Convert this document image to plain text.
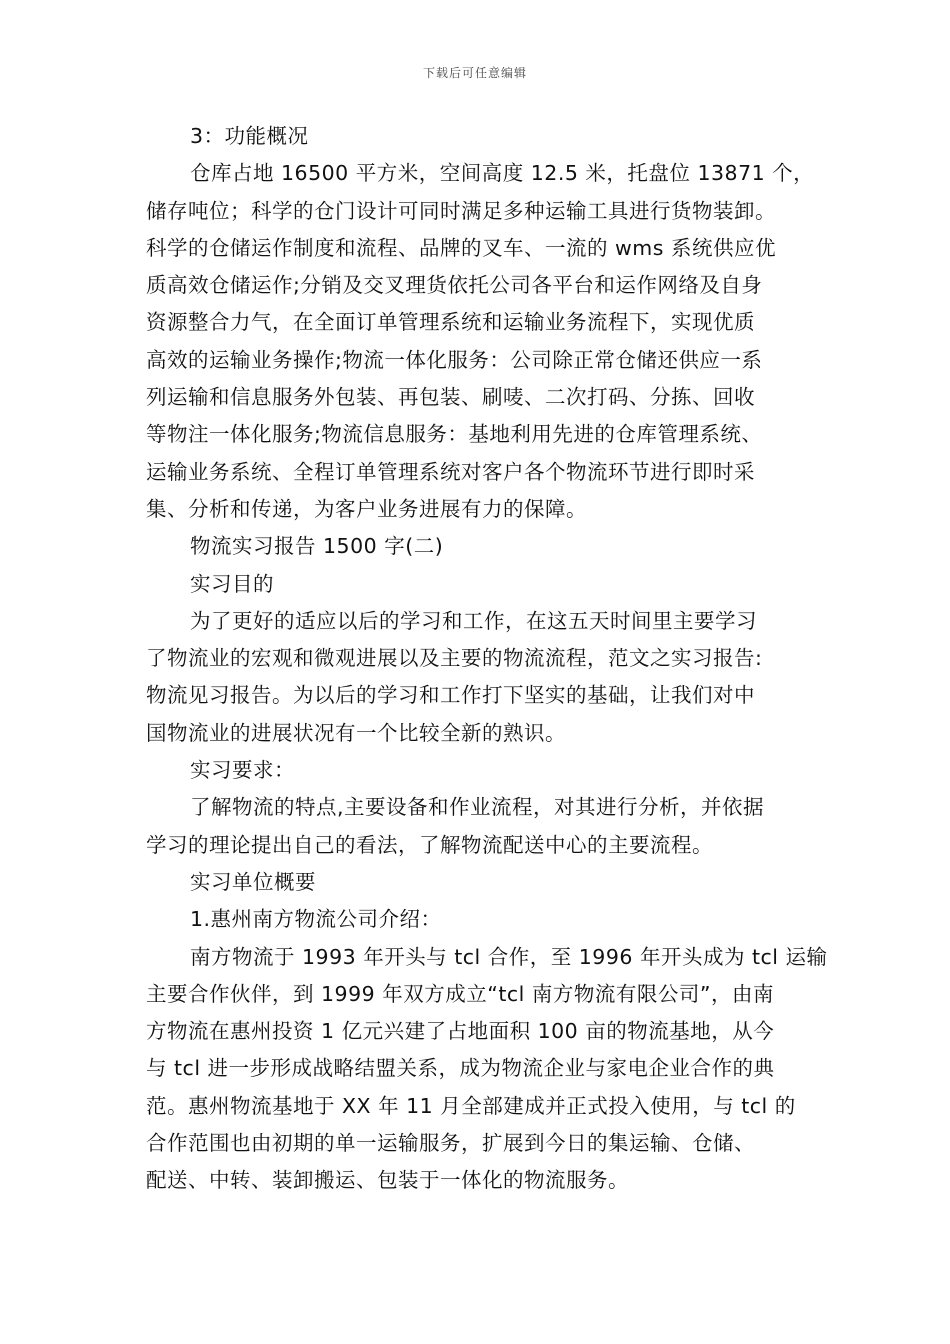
下载后可任意编辑

3：功能概况

仓库占地 16500 平方米，空间高度 12.5 米，托盘位 13871 个，
储存吨位；科学的仓门设计可同时满足多种运输工具进行货物装卸。
科学的仓储运作制度和流程、品牌的叉车、一流的 wms 系统供应优
质高效仓储运作;分销及交叉理货依托公司各平台和运作网络及自身
资源整合力气，在全面订单管理系统和运输业务流程下，实现优质
高效的运输业务操作;物流一体化服务：公司除正常仓储还供应一系
列运输和信息服务外包装、再包装、刷唛、二次打码、分拣、回收
等物注一体化服务;物流信息服务：基地利用先进的仓库管理系统、
运输业务系统、全程订单管理系统对客户各个物流环节进行即时采
集、分析和传递，为客户业务进展有力的保障。

物流实习报告 1500 字(二)

实习目的

为了更好的适应以后的学习和工作，在这五天时间里主要学习
了物流业的宏观和微观进展以及主要的物流流程，范文之实习报告:
物流见习报告。为以后的学习和工作打下坚实的基础，让我们对中
国物流业的进展状况有一个比较全新的熟识。

实习要求：

了解物流的特点,主要设备和作业流程，对其进行分析，并依据
学习的理论提出自己的看法，了解物流配送中心的主要流程。

实习单位概要

1.惠州南方物流公司介绍：

南方物流于 1993 年开头与 tcl 合作，至 1996 年开头成为 tcl 运输
主要合作伙伴，到 1999 年双方成立“tcl 南方物流有限公司”，由南
方物流在惠州投资 1 亿元兴建了占地面积 100 亩的物流基地，从今
与 tcl 进一步形成战略结盟关系，成为物流企业与家电企业合作的典
范。惠州物流基地于 XX 年 11 月全部建成并正式投入使用，与 tcl 的
合作范围也由初期的单一运输服务，扩展到今日的集运输、仓储、
配送、中转、装卸搬运、包装于一体化的物流服务。
